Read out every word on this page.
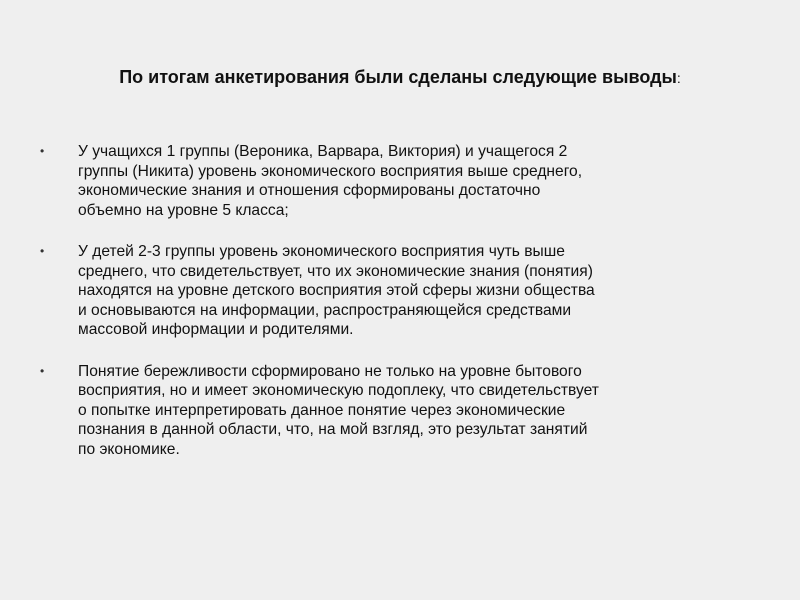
По итогам анкетирования были сделаны следующие выводы:
•	У учащихся 1 группы (Вероника, Варвара, Виктория) и учащегося 2
группы (Никита) уровень экономического восприятия выше среднего,
экономические знания и отношения сформированы достаточно
объемно на уровне 5 класса;
•	У детей 2-3 группы уровень экономического восприятия чуть выше
среднего, что свидетельствует, что их экономические знания (понятия)
находятся на уровне детского восприятия этой сферы жизни общества
и основываются на информации, распространяющейся средствами
массовой информации и родителями.
•	Понятие бережливости сформировано не только на уровне бытового
восприятия, но и имеет экономическую подоплеку, что свидетельствует
о попытке интерпретировать данное понятие через экономические
познания в данной области, что, на мой взгляд, это результат занятий
по экономике.
